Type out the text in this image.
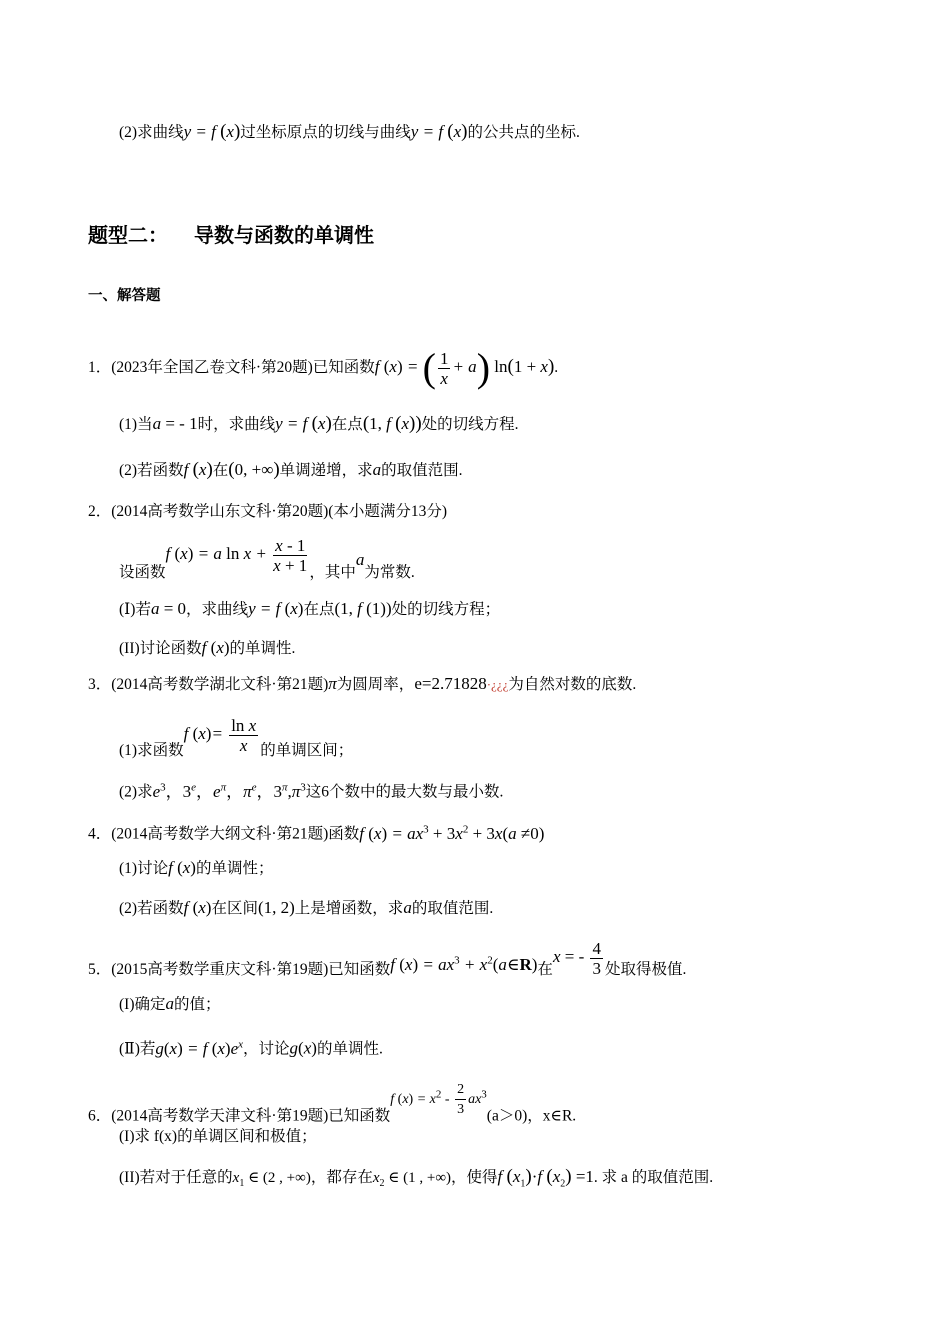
(2)求曲线y = f (x)过坐标原点的切线与曲线y = f (x)的公共点的坐标.
题型二： 导数与函数的单调性
一、解答题
1．(2023年全国乙卷文科·第20题)已知函数f (x) = ( $\frac{1}{x} + a$) ln(1 + x).
(1)当a = - 1时，求曲线y = f (x)在点(1, f (x))处的切线方程.
(2)若函数f (x)在(0, +∞)单调递增，求a的取值范围.
2．(2014高考数学山东文科·第20题)(本小题满分13分)
设函数f (x) = a $\ln x + \frac{x - 1}{x + 1}$ ，其中a为常数.
(Ⅰ)若a = 0，求曲线y = f (x)在点(1, f (1))处的切线方程；
(II)讨论函数f (x)的单调性.
3．(2014高考数学湖北文科·第21题)π为圆周率，e=2.71828·¿¿¿为自然对数的底数.
(1)求函数f $(x)= \frac{\text{ln x}}{x}$ 的单调区间；
(2)求$e^3$，3e，$e^\pi$，$\pi^e$，$3^\pi,\pi^3$这6个数中的最大数与最小数.
4．(2014高考数学大纲文科·第21题)函数f $(x) = ax^3 + 3x^2 + 3x(a \ne 0)$
(1)讨论f (x)的单调性；
(2)若函数f (x)在区间(1, 2)上是增函数，求a的取值范围.
5．(2015高考数学重庆文科·第19题)已知函数f $(x) = ax^3$ + $x^2(a\in R)$在x = - $\frac{4}{3}$ 处取得极值.
(I)确定a的值；
(Ⅱ)若g(x) = f $(x)e^x$，讨论g(x)的单调性.
6．(2014高考数学天津文科·第19题)已知函数f $(x) = x^2 - \frac{2}{3} ax^3(a>0)$，x∈R.
(I)求 f(x)的单调区间和极值；
(II)若对于任意的$x_1$ ∈ (2 , +∞)，都存在$x_2$ ∈ (1 , +∞)，使得f $(x_1)\cdot f$ $(x_2) =1$. 求 a 的取值范围.
